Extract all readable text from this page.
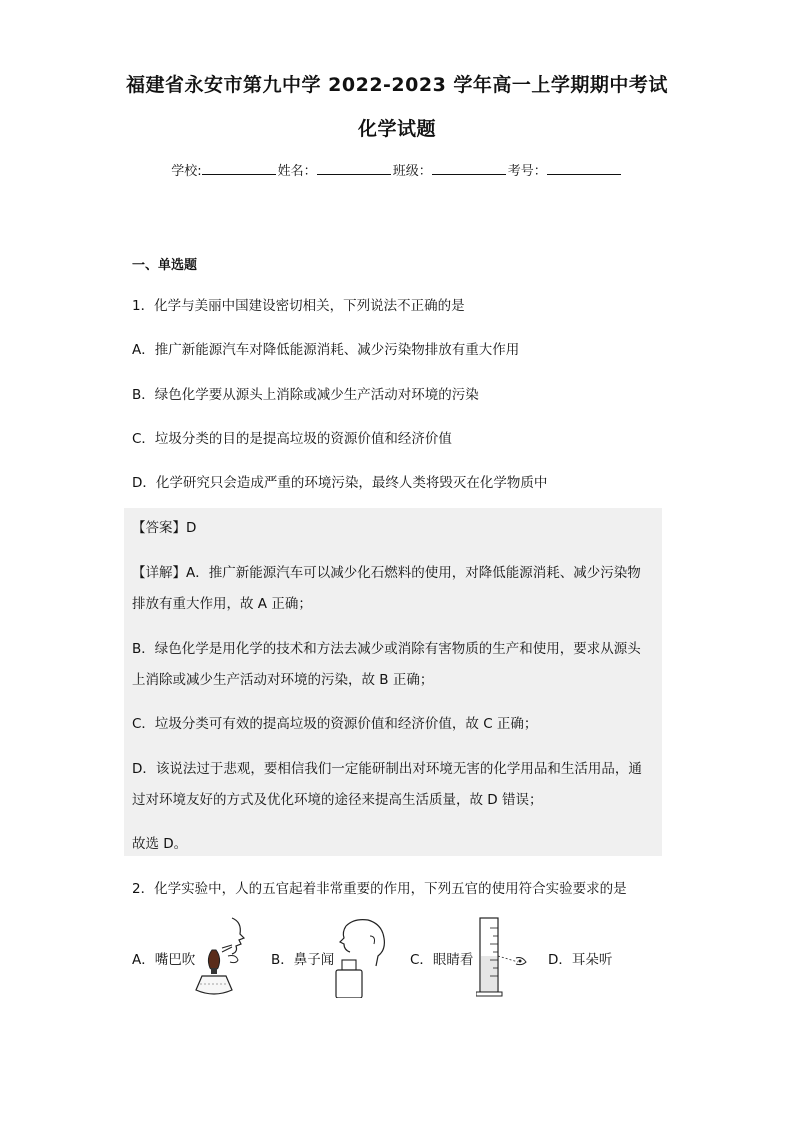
福建省永安市第九中学 2022-2023 学年高一上学期期中考试
化学试题
学校:	姓名：	班级：	考号：
一、单选题
1．化学与美丽中国建设密切相关，下列说法不正确的是
A．推广新能源汽车对降低能源消耗、减少污染物排放有重大作用
B．绿色化学要从源头上消除或减少生产活动对环境的污染
C．垃圾分类的目的是提高垃圾的资源价值和经济价值
D．化学研究只会造成严重的环境污染，最终人类将毁灭在化学物质中
【答案】D
【详解】A．推广新能源汽车可以减少化石燃料的使用，对降低能源消耗、减少污染物
排放有重大作用，故 A 正确；
B．绿色化学是用化学的技术和方法去减少或消除有害物质的生产和使用，要求从源头
上消除或减少生产活动对环境的污染，故 B 正确；
C．垃圾分类可有效的提高垃圾的资源价值和经济价值，故 C 正确；
D．该说法过于悲观，要相信我们一定能研制出对环境无害的化学用品和生活用品，通
过对环境友好的方式及优化环境的途径来提高生活质量，故 D 错误；
故选 D。
2．化学实验中，人的五官起着非常重要的作用，下列五官的使用符合实验要求的是
A．嘴巴吹	B．鼻子闻	C．眼睛看	D．耳朵听
